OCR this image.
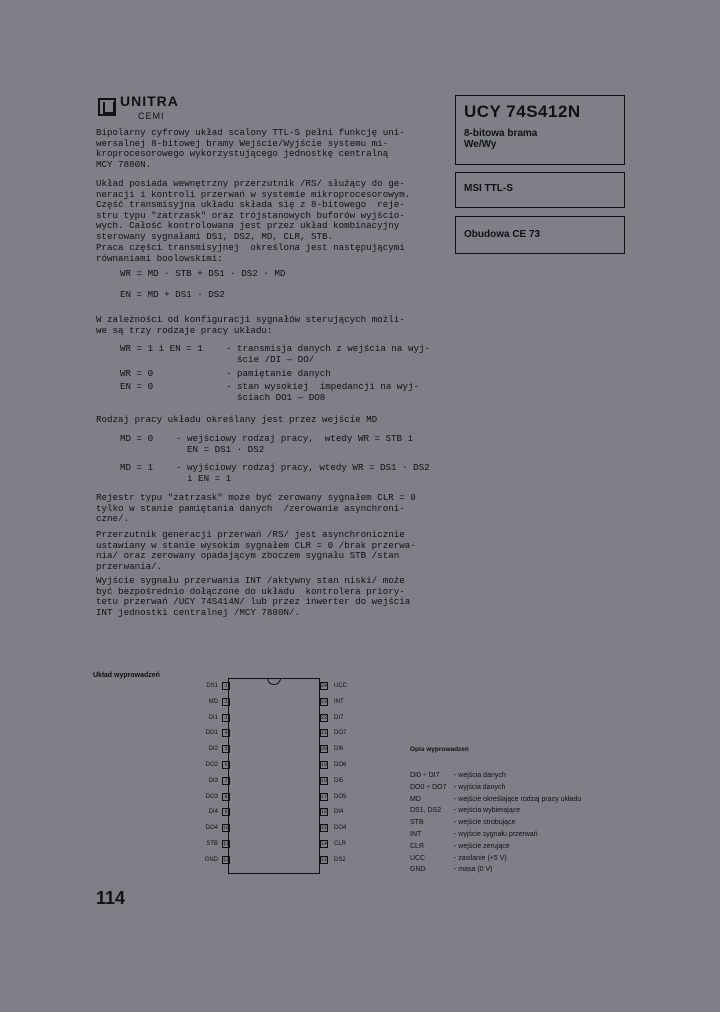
UNITRA
CEMI	UCY 74S412N
8-bitowa brama
We/Wy
MSI TTL-S
Obudowa CE 73
Bipolarny cyfrowy układ scalony TTL-S pełni funkcję uni-
wersalnej 8-bitowej bramy Wejście/Wyjście systemu mi-
kroprocesorowego wykorzystującego jednostkę centralną
MCY 7880N.
Układ posiada wewnętrzny przerzutnik /RS/ służący do ge-
neracji i kontroli przerwań w systemie mikroprocesorowym.
Część transmisyjna układu składa się z 8-bitowego  reje-
stru typu "zatrzask" oraz trójstanowych buforów wyjścio-
wych. Całość kontrolowana jest przez układ kombinacyjny
sterowany sygnałami DS1, DS2, MD, CLR, STB.
Praca części transmisyjnej  określona jest następującymi
równaniami boolowskimi:
WR = MD · STB + DS1 · DS2 · MD
EN = MD + DS1 · DS2
W zależności od konfiguracji sygnałów sterujących możli-
we są trzy rodzaje pracy układu:
WR = 1 i EN = 1	- transmisja danych z wejścia na wyj-
ście /DI — DO/
WR = 0	- pamiętanie danych
EN = 0	- stan wysokiej  impedancji na wyj-
ściach DO1 — DO8
Rodzaj pracy układu określany jest przez wejście MD
MD = 0 - wejściowy rodzaj pracy,  wtedy WR = STB i
EN = DS1 · DS2
MD = 1 - wyjściowy rodzaj pracy, wtedy WR = DS1 · DS2
i EN = 1
Rejestr typu "zatrzask" może być zerowany sygnałem CLR = 0
tylko w stanie pamiętania danych  /zerowanie asynchroni-
czne/.
Przerzutnik generacji przerwań /RS/ jest asynchronicznie
ustawiany w stanie wysokim sygnałem CLR = 0 /brak przerwa-
nia/ oraz zerowany opadającym zboczem sygnału STB /stan
przerwania/.
Wyjście sygnału przerwania INT /aktywny stan niski/ może
być bezpośrednio dołączone do układu  kontrolera priory-
tetu przerwań /UCY 74S414N/ lub przez inwerter do wejścia
INT jednostki centralnej /MCY 7880N/.
Układ wyprowadzeń
1
DS1
2
MD
3
DI1
4
DO1
5
DI2
6
DO2
7
DI3
8
DO3
9
DI4
10
DO4
11
STB
12
GND
24 UCC
23 INT
22 DI7
21 DO7
20 DI6
19 DO6
18 DI5
17 DO5
16 DI4
15 DO4
14 CLR
13 DS2
Opis wyprowadzeń
DI0 ÷ DI7	- wejścia danych
DO0 ÷ DO7	- wyjścia danych
MD	- wejście określające rodzaj pracy układu
DS1, DS2	- wejścia wybierające
STB	- wejście strobujące
INT	- wyjście sygnału przerwań
CLR	- wejście zerujące
UCC	- zasilanie (+5 V)
GND	- masa (0 V)
114
